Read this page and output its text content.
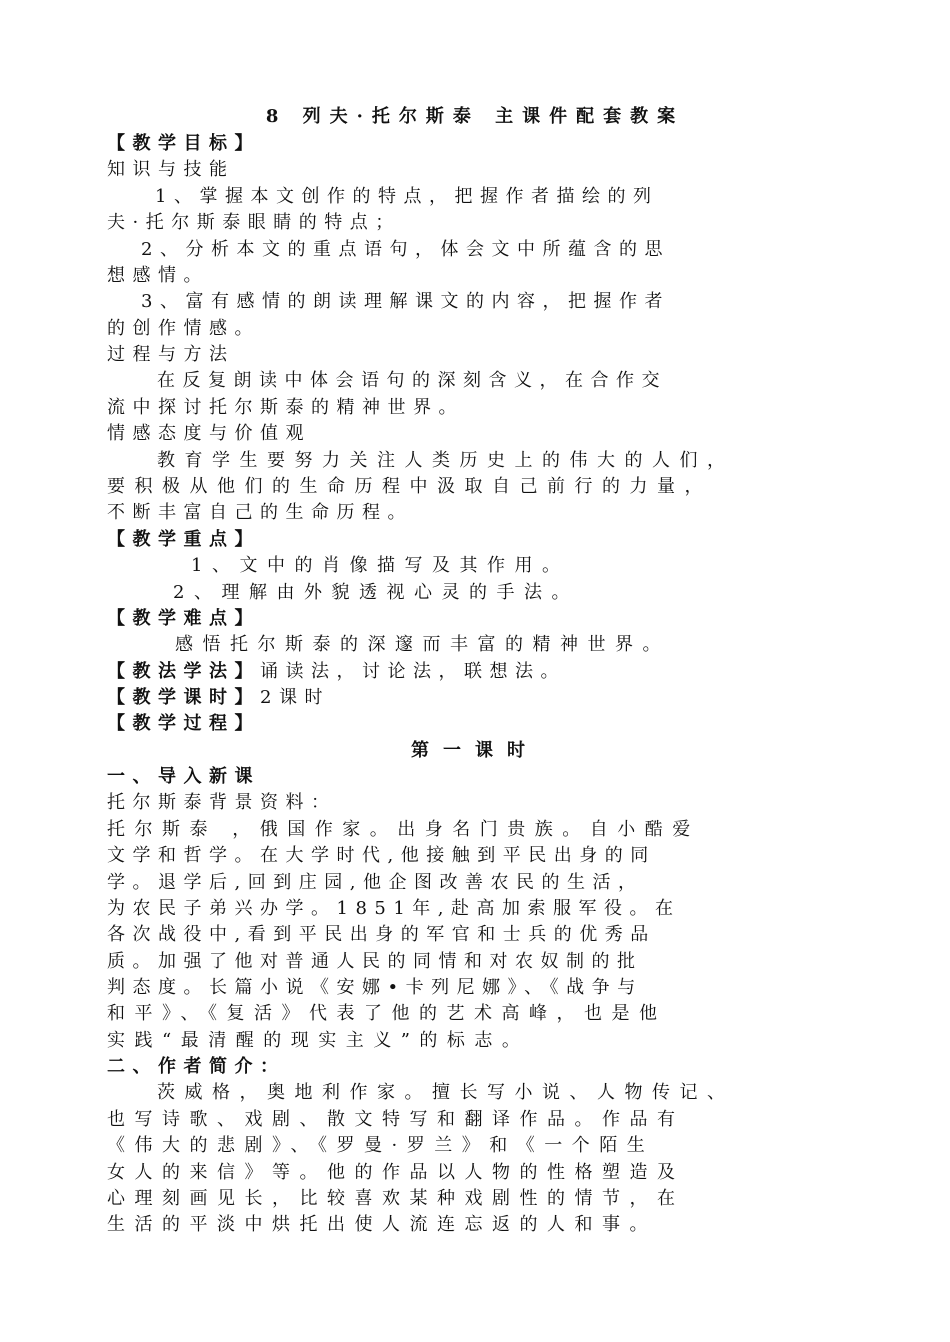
8 列夫·托尔斯泰 主课件配套教案
【教学目标】
知识与技能
1、掌握本文创作的特点，把握作者描绘的列
夫·托尔斯泰眼睛的特点；
2、分析本文的重点语句，体会文中所蕴含的思
想感情。
3、富有感情的朗读理解课文的内容，把握作者
的创作情感。
过程与方法
在反复朗读中体会语句的深刻含义，在合作交
流中探讨托尔斯泰的精神世界。
情感态度与价值观
教育学生要努力关注人类历史上的伟大的人们，
要积极从他们的生命历程中汲取自己前行的力量，
不断丰富自己的生命历程。
【教学重点】
1、文中的肖像描写及其作用。
2、理解由外貌透视心灵的手法。
【教学难点】
感悟托尔斯泰的深邃而丰富的精神世界。
【教法学法】诵读法，讨论法，联想法。
【教学课时】2课时
【教学过程】
第一课时
一、导入新课
托尔斯泰背景资料：
托尔斯泰 ，俄国作家。出身名门贵族。自小酷爱
文学和哲学。在大学时代,他接触到平民出身的同
学。退学后,回到庄园,他企图改善农民的生活，
为农民子弟兴办学。1851年,赴高加索服军役。在
各次战役中,看到平民出身的军官和士兵的优秀品
质。加强了他对普通人民的同情和对农奴制的批
判态度。长篇小说《安娜•卡列尼娜》、《战争与
和平》、《复活》代表了他的艺术高峰，也是他
实践“最清醒的现实主义”的标志。
二、作者简介：
茨威格，奥地利作家。擅长写小说、人物传记、
也写诗歌、戏剧、散文特写和翻译作品。作品有
《伟大的悲剧》、《罗曼·罗兰》和《一个陌生
女人的来信》等。他的作品以人物的性格塑造及
心理刻画见长，比较喜欢某种戏剧性的情节，在
生活的平淡中烘托出使人流连忘返的人和事。
